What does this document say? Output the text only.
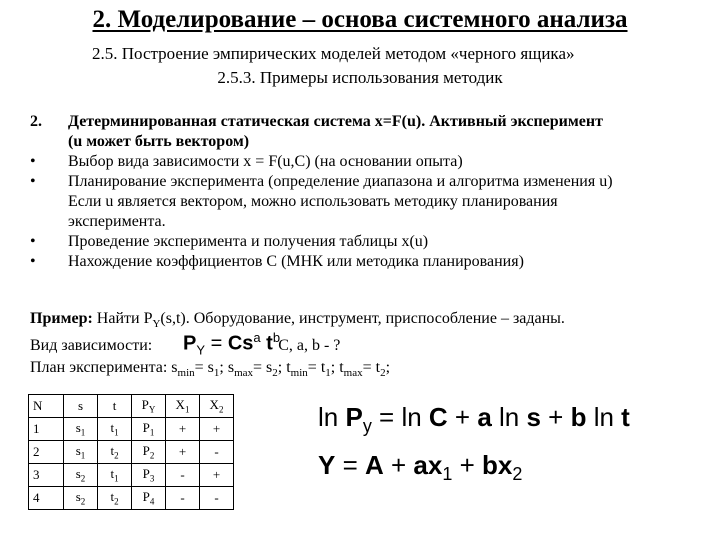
2. Моделирование – основа системного анализа
2.5. Построение эмпирических моделей методом «черного ящика»
2.5.3. Примеры использования методик
2.	Детерминированная статическая система x=F(u). Активный эксперимент
(u может быть вектором)
•	Выбор вида зависимости x = F(u,C) (на основании опыта)
•	Планирование эксперимента (определение диапазона и алгоритма изменения u)
Если u является вектором, можно использовать методику планирования
эксперимента.
•	Проведение эксперимента и получения таблицы x(u)
•	Нахождение коэффициентов С (МНК или методика планирования)
Пример: Найти $P_Y(s,t)$. Оборудование, инструмент, приспособление – заданы.
Вид зависимости:	C, a, b - ?
План эксперимента: $s_{min}= s_1$; $s_{max}= s_2$; $t_{min}= t_1$; $t_{max}= t_2$;
$P_Y = Cs^a$ $t^b$
N	s	t	$P_Y$	$X_1$	$X_2$
1	$s_1$	$t_1$	$P_1$	+	+
2	$s_1$	$t_2$	$P_2$	+	-
3	$s_2$	$t_1$	$P_3$	-	+
4	$s_2$	$t_2$	$P_4$	-	-
$\ln P_y = \ln C + a$ ln s + b ln t
$Y = A + ax_1 + bx_2$
